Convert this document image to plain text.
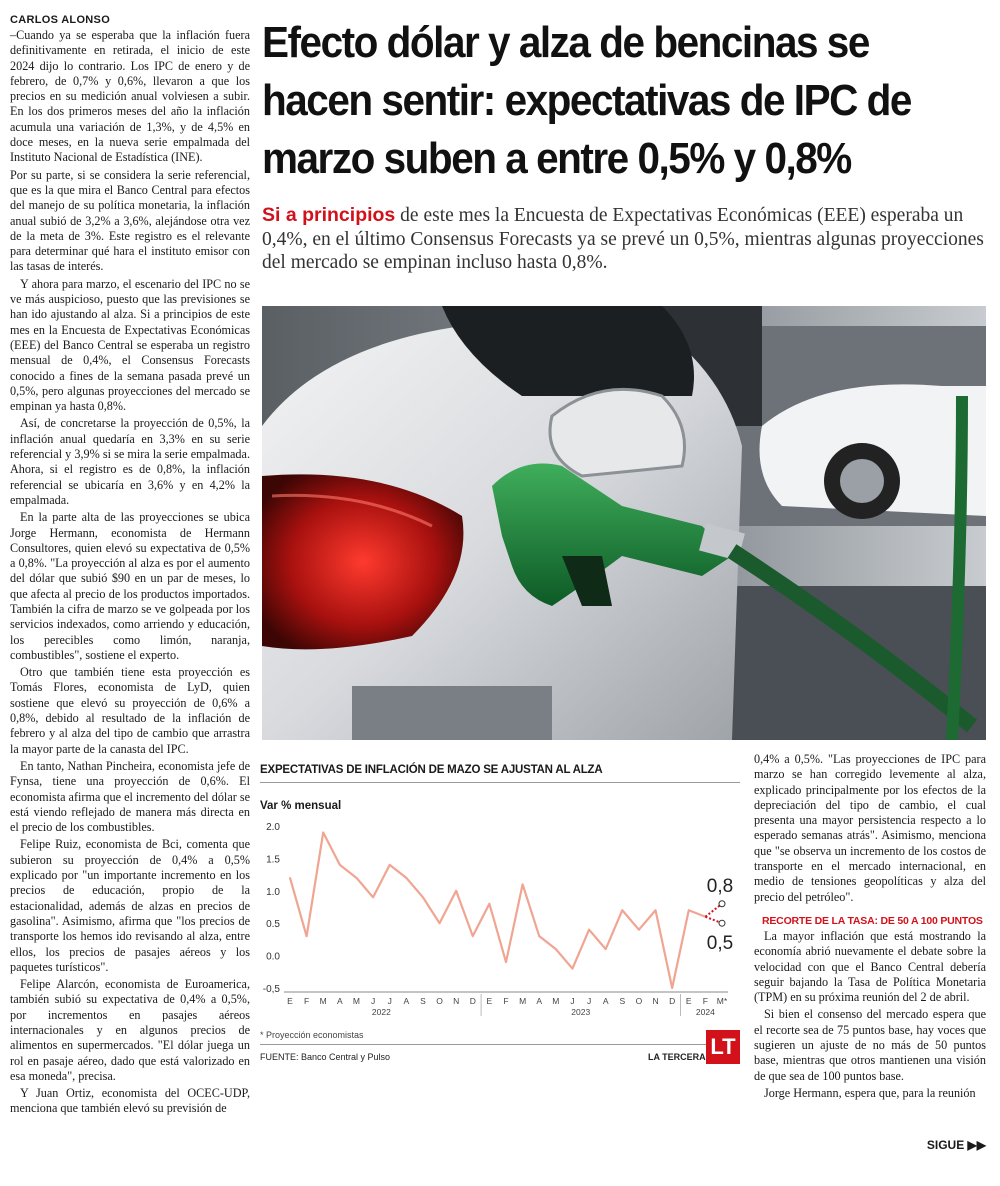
CARLOS ALONSO

–Cuando ya se esperaba que la inflación fuera definitivamente en retirada, el inicio de este 2024 dijo lo contrario. Los IPC de enero y de febrero, de 0,7% y 0,6%, llevaron a que los precios en su medición anual volviesen a subir. En los dos primeros meses del año la inflación acumula una variación de 1,3%, y de 4,5% en doce meses, en la nueva serie empalmada del Instituto Nacional de Estadística (INE).

Por su parte, si se considera la serie referencial, que es la que mira el Banco Central para efectos del manejo de su política monetaria, la inflación anual subió de 3,2% a 3,6%, alejándose otra vez de la meta de 3%. Este registro es el relevante para determinar qué hara el instituto emisor con las tasas de interés.

Y ahora para marzo, el escenario del IPC no se ve más auspicioso, puesto que las previsiones se han ido ajustando al alza. Si a principios de este mes en la Encuesta de Expectativas Económicas (EEE) del Banco Central se esperaba un registro mensual de 0,4%, el Consensus Forecasts conocido a fines de la semana pasada prevé un 0,5%, pero algunas proyecciones del mercado se empinan ya hasta 0,8%.

Así, de concretarse la proyección de 0,5%, la inflación anual quedaría en 3,3% en su serie referencial y 3,9% si se mira la serie empalmada. Ahora, si el registro es de 0,8%, la inflación referencial se ubicaría en 3,6% y en 4,2% la empalmada.

En la parte alta de las proyecciones se ubica Jorge Hermann, economista de Hermann Consultores, quien elevó su expectativa de 0,5% a 0,8%. "La proyección al alza es por el aumento del dólar que subió $90 en un par de meses, lo que afecta al precio de los productos importados. También la cifra de marzo se ve golpeada por los servicios indexados, como arriendo y educación, los perecibles como limón, naranja, combustibles", sostiene el experto.

Otro que también tiene esta proyección es Tomás Flores, economista de LyD, quien sostiene que elevó su proyección de 0,6% a 0,8%, debido al resultado de la inflación de febrero y al alza del tipo de cambio que arrastra la mayor parte de la canasta del IPC.

En tanto, Nathan Pincheira, economista jefe de Fynsa, tiene una proyección de 0,6%. El economista afirma que el incremento del dólar se está viendo reflejado de manera más directa en el precio de los combustibles.

Felipe Ruiz, economista de Bci, comenta que subieron su proyección de 0,4% a 0,5% explicado por "un importante incremento en los precios de educación, propio de la estacionalidad, además de alzas en precios de gasolina". Asimismo, afirma que "los precios de transporte los hemos ido revisando al alza, entre ellos, los precios de pasajes aéreos y los paquetes turísticos".

Felipe Alarcón, economista de Euroamerica, también subió su expectativa de 0,4% a 0,5%, por incrementos en pasajes aéreos internacionales y en algunos precios de alimentos en supermercados. "El dólar juega un rol en pasaje aéreo, dado que está valorizado en esa moneda", precisa.

Y Juan Ortiz, economista del OCEC-UDP, menciona que también elevó su previsión de

Efecto dólar y alza de bencinas se hacen sentir: expectativas de IPC de marzo suben a entre 0,5% y 0,8%
Si a principios de este mes la Encuesta de Expectativas Económicas (EEE) esperaba un 0,4%, en el último Consensus Forecasts ya se prevé un 0,5%, mientras algunas proyecciones del mercado se empinan incluso hasta 0,8%.
EXPECTATIVAS DE INFLACIÓN DE MAZO SE AJUSTAN AL ALZA
Var % mensual
2.0
1.5
1.0
0.5
0.0
-0,5
E F M A M J J A S O N D E F M A M J J A S O N D E F M*
2022	2023	2024
0,8
0,5
* Proyección economistas
FUENTE: Banco Central y Pulso	LA TERCERA LT

0,4% a 0,5%. "Las proyecciones de IPC para marzo se han corregido levemente al alza, explicado principalmente por los efectos de la depreciación del tipo de cambio, el cual presenta una mayor persistencia respecto a lo esperado semanas atrás". Asimismo, menciona que "se observa un incremento de los costos de transporte en el mercado internacional, en medio de tensiones geopolíticas y alza del precio del petróleo".

RECORTE DE LA TASA: DE 50 A 100 PUNTOS

La mayor inflación que está mostrando la economía abrió nuevamente el debate sobre la velocidad con que el Banco Central debería seguir bajando la Tasa de Política Monetaria (TPM) en su próxima reunión del 2 de abril.

Si bien el consenso del mercado espera que el recorte sea de 75 puntos base, hay voces que sugieren un ajuste de no más de 50 puntos base, mientras que otros mantienen una visión de que sea de 100 puntos base.

Jorge Hermann, espera que, para la reunión

SIGUE ▶▶
